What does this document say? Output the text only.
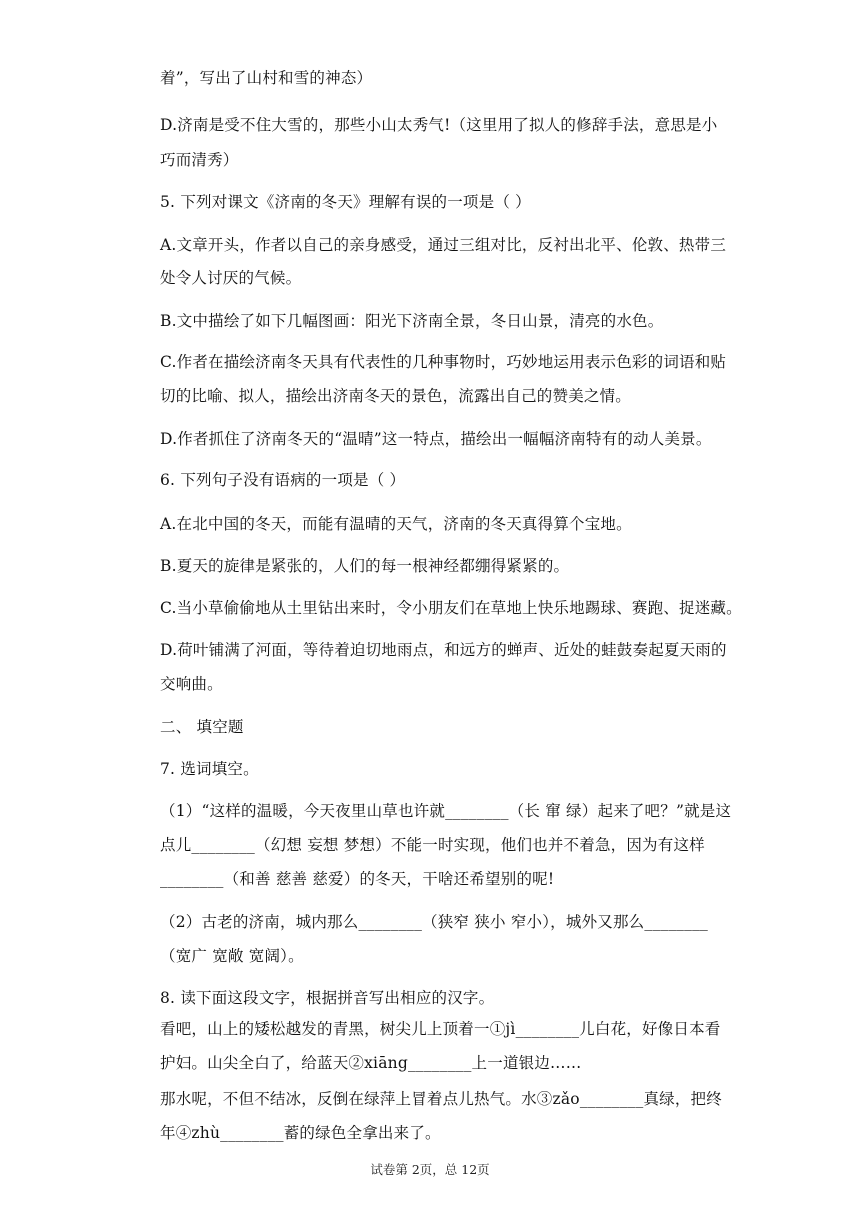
着”，写出了山村和雪的神态）
D.济南是受不住大雪的，那些小山太秀气!（这里用了拟人的修辞手法，意思是小
巧而清秀）
5. 下列对课文《济南的冬天》理解有误的一项是（ ）
A.文章开头，作者以自己的亲身感受，通过三组对比，反衬出北平、伦敦、热带三
处令人讨厌的气候。
B.文中描绘了如下几幅图画：阳光下济南全景，冬日山景，清亮的水色。
C.作者在描绘济南冬天具有代表性的几种事物时，巧妙地运用表示色彩的词语和贴
切的比喻、拟人，描绘出济南冬天的景色，流露出自己的赞美之情。
D.作者抓住了济南冬天的“温晴”这一特点，描绘出一幅幅济南特有的动人美景。
6. 下列句子没有语病的一项是（ ）
A.在北中国的冬天，而能有温晴的天气，济南的冬天真得算个宝地。
B.夏天的旋律是紧张的，人们的每一根神经都绷得紧紧的。
C.当小草偷偷地从土里钻出来时，令小朋友们在草地上快乐地踢球、赛跑、捉迷藏。
D.荷叶铺满了河面，等待着迫切地雨点，和远方的蝉声、近处的蛙鼓奏起夏天雨的
交响曲。
二、 填空题
7. 选词填空。
（1）“这样的温暖，今天夜里山草也许就________（长 窜 绿）起来了吧？”就是这
点儿________（幻想 妄想 梦想）不能一时实现，他们也并不着急，因为有这样
________（和善 慈善 慈爱）的冬天，干啥还希望别的呢!
（2）古老的济南，城内那么________（狭窄 狭小 窄小），城外又那么________
（宽广 宽敞 宽阔）。
8. 读下面这段文字，根据拼音写出相应的汉字。
看吧，山上的矮松越发的青黑，树尖儿上顶着一①jì________儿白花，好像日本看
护妇。山尖全白了，给蓝天②xiāng________上一道银边……
那水呢，不但不结冰，反倒在绿萍上冒着点儿热气。水③zǎo________真绿，把终
年④zhù________蓄的绿色全拿出来了。
试卷第 2页，总 12页
